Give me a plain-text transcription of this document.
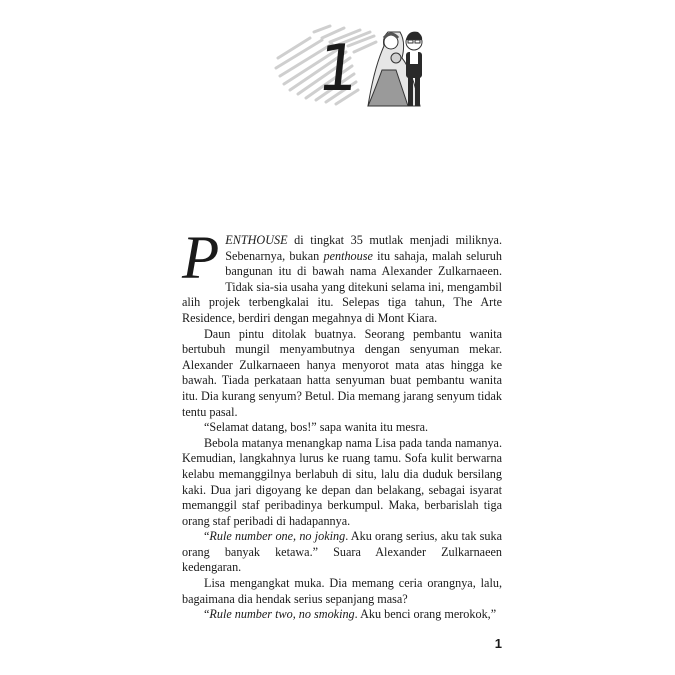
1

PENTHOUSE di tingkat 35 mutlak menjadi miliknya. Sebenarnya, bukan penthouse itu sahaja, malah seluruh bangunan itu di bawah nama Alexander Zulkarnaeen. Tidak sia-sia usaha yang ditekuni selama ini, mengambil alih projek terbengkalai itu. Selepas tiga tahun, The Arte Residence, berdiri dengan megahnya di Mont Kiara.

Daun pintu ditolak buatnya. Seorang pembantu wanita bertubuh mungil menyambutnya dengan senyuman mekar. Alexander Zulkarnaeen hanya menyorot mata atas hingga ke bawah. Tiada perkataan hatta senyuman buat pembantu wanita itu. Dia kurang senyum? Betul. Dia memang jarang senyum tidak tentu pasal.

“Selamat datang, bos!” sapa wanita itu mesra.

Bebola matanya menangkap nama Lisa pada tanda namanya. Kemudian, langkahnya lurus ke ruang tamu. Sofa kulit berwarna kelabu memanggilnya berlabuh di situ, lalu dia duduk bersilang kaki. Dua jari digoyang ke depan dan belakang, sebagai isyarat memanggil staf peribadinya berkumpul. Maka, berbarislah tiga orang staf peribadi di hadapannya.

“Rule number one, no joking. Aku orang serius, aku tak suka orang banyak ketawa.” Suara Alexander Zulkarnaeen kedengaran.

Lisa mengangkat muka. Dia memang ceria orangnya, lalu, bagaimana dia hendak serius sepanjang masa?

“Rule number two, no smoking. Aku benci orang merokok,”

1
